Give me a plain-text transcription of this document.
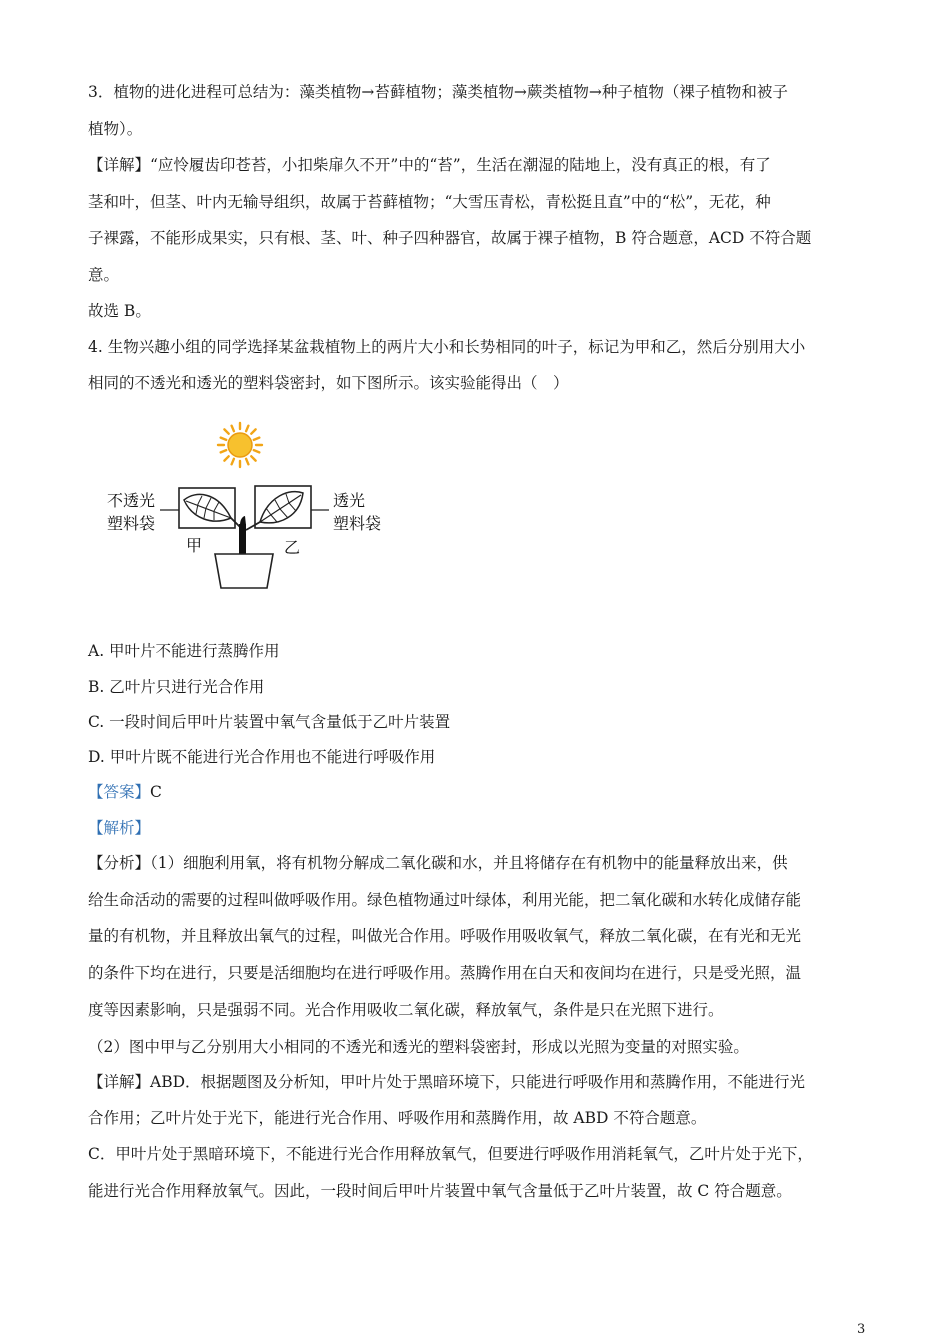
3．植物的进化进程可总结为：藻类植物→苔藓植物；藻类植物→蕨类植物→种子植物（裸子植物和被子
植物）。
【详解】“应怜履齿印苍苔，小扣柴扉久不开”中的“苔”，生活在潮湿的陆地上，没有真正的根，有了
茎和叶，但茎、叶内无输导组织，故属于苔藓植物；“大雪压青松，青松挺且直”中的“松”，无花，种
子裸露，不能形成果实，只有根、茎、叶、种子四种器官，故属于裸子植物，B 符合题意，ACD 不符合题
意。
故选 B。
4. 生物兴趣小组的同学选择某盆栽植物上的两片大小和长势相同的叶子，标记为甲和乙，然后分别用大小
相同的不透光和透光的塑料袋密封，如下图所示。该实验能得出（　）
不透光
塑料袋
透光
塑料袋
甲	乙
A. 甲叶片不能进行蒸腾作用
B. 乙叶片只进行光合作用
C. 一段时间后甲叶片装置中氧气含量低于乙叶片装置
D. 甲叶片既不能进行光合作用也不能进行呼吸作用
【答案】C
【解析】
【分析】（1）细胞利用氧，将有机物分解成二氧化碳和水，并且将储存在有机物中的能量释放出来，供
给生命活动的需要的过程叫做呼吸作用。绿色植物通过叶绿体，利用光能，把二氧化碳和水转化成储存能
量的有机物，并且释放出氧气的过程，叫做光合作用。呼吸作用吸收氧气，释放二氧化碳，在有光和无光
的条件下均在进行，只要是活细胞均在进行呼吸作用。蒸腾作用在白天和夜间均在进行，只是受光照，温
度等因素影响，只是强弱不同。光合作用吸收二氧化碳，释放氧气，条件是只在光照下进行。
（2）图中甲与乙分别用大小相同的不透光和透光的塑料袋密封，形成以光照为变量的对照实验。
【详解】ABD．根据题图及分析知，甲叶片处于黑暗环境下，只能进行呼吸作用和蒸腾作用，不能进行光
合作用；乙叶片处于光下，能进行光合作用、呼吸作用和蒸腾作用，故 ABD 不符合题意。
C．甲叶片处于黑暗环境下，不能进行光合作用释放氧气，但要进行呼吸作用消耗氧气，乙叶片处于光下，
能进行光合作用释放氧气。因此，一段时间后甲叶片装置中氧气含量低于乙叶片装置，故 C 符合题意。
3
